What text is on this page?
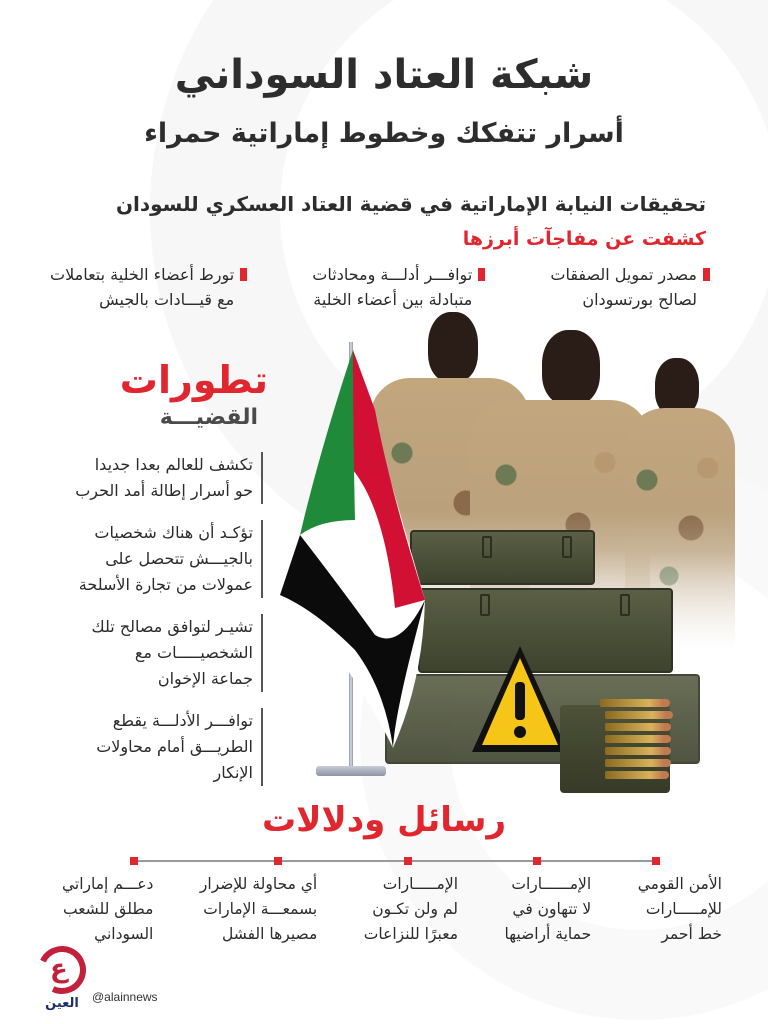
شبكة العتاد السوداني
أسرار تتفكك وخطوط إماراتية حمراء
تحقيقات النيابة الإماراتية في قضية العتاد العسكري للسودان
كشفت عن مفاجآت أبرزها
مصدر تمويل الصفقات
لصالح بورتسودان
توافـــر أدلـــة ومحادثات
متبادلة بين أعضاء الخلية
تورط أعضاء الخلية بتعاملات
مع قيـــادات بالجيش
تطورات
القضيـــة
تكشف للعالم بعدا جديدا
حو أسرار إطالة أمد الحرب
تؤكـد أن هناك شخصيات
بالجيـــش تتحصل على
عمولات من تجارة الأسلحة
تشيـر لتوافق مصالح تلك
الشخصيـــــات مع
جماعة الإخوان
توافـــر الأدلـــة يقطع
الطريـــق أمام محاولات
الإنكار
رسائل ودلالات
الأمن القومي
للإمـــــارات
خط أحمر
الإمــــــارات
لا تتهاون في
حماية أراضيها
الإمـــــارات
لم ولن تكـون
معبرًا للنزاعات
أي محاولة للإضرار
بسمعـــة الإمارات
مصيرها الفشل
دعـــم إماراتي
مطلق للشعب
السوداني
ع
العين	@alainnews
